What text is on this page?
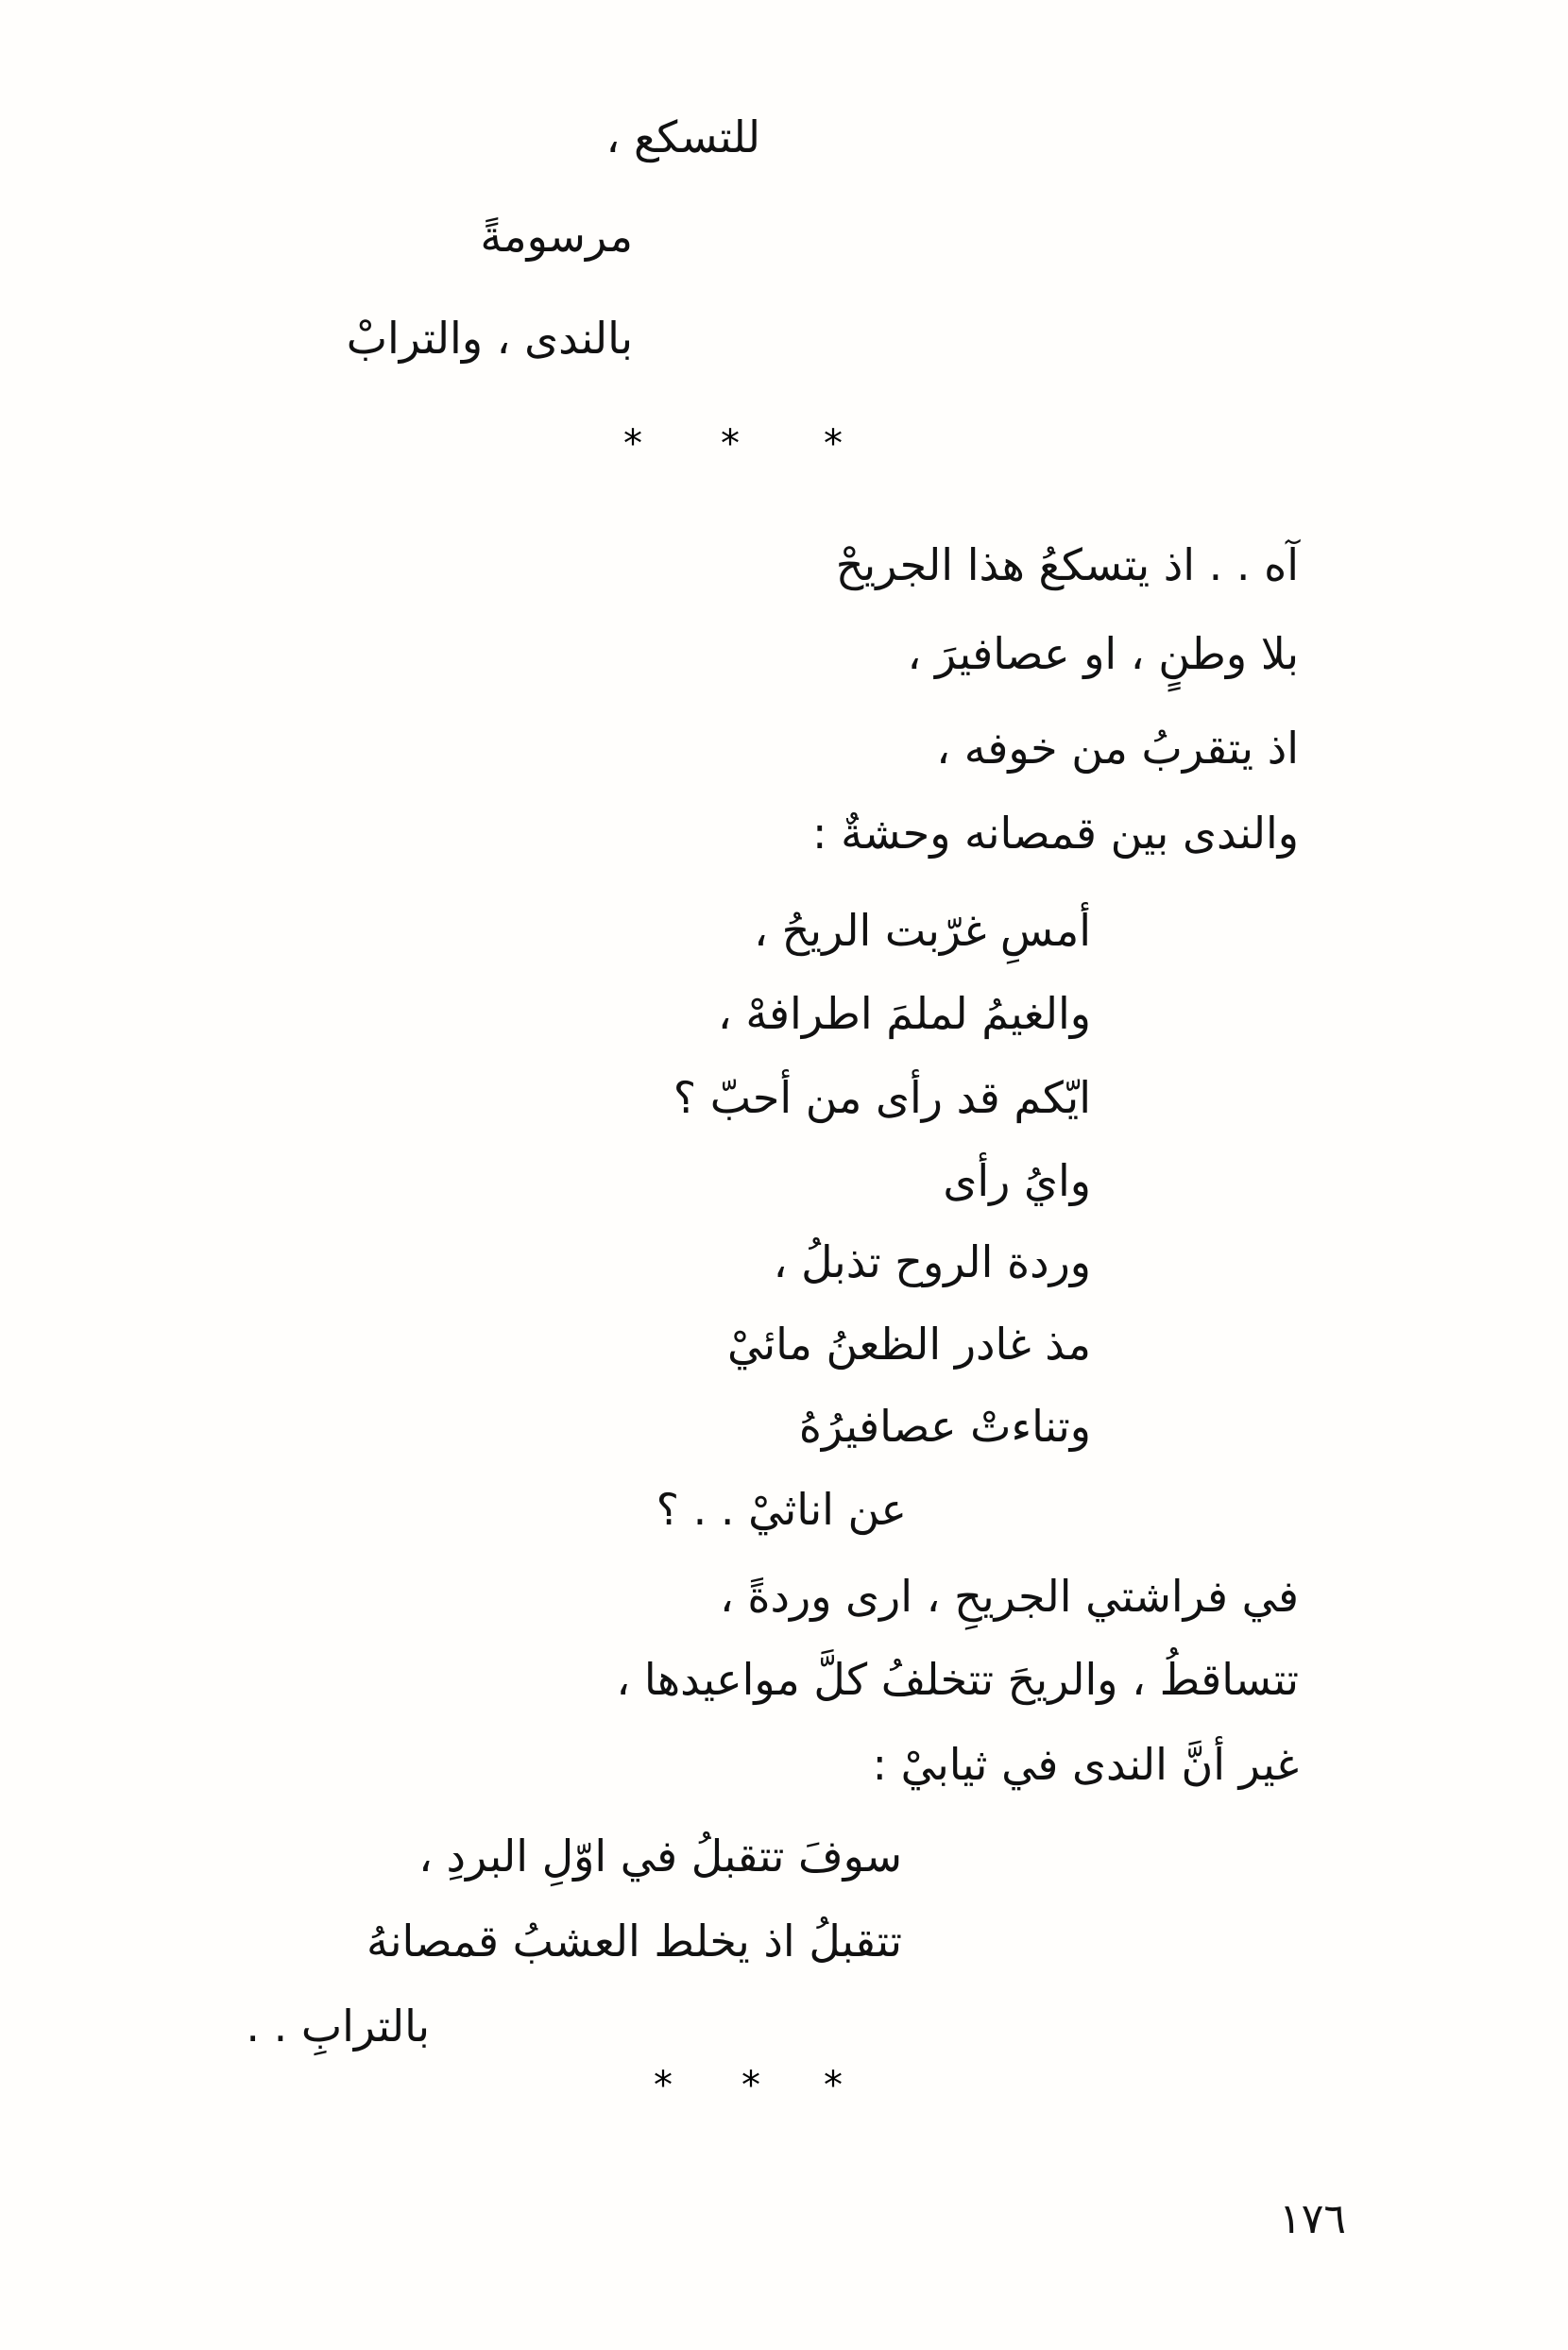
للتسكع ،
مرسومةً
بالندى ، والترابْ
* * *
آه . . اذ يتسكعُ هذا الجريحْ
بلا وطنٍ ، او عصافيرَ ،
اذ يتقربُ من خوفه ،
والندى بين قمصانه وحشةٌ :
أمسِ غرّبت الريحُ ،
والغيمُ لملمَ اطرافهْ ،
ايّكم قد رأى من أحبّ ؟
وايُ رأى
وردة الروح تذبلُ ،
مذ غادر الظعنُ مائيْ
وتناءتْ عصافيرُهُ
عن اناثيْ . . ؟
في فراشتي الجريحِ ، ارى وردةً ،
تتساقطُ ، والريحَ تتخلفُ كلَّ مواعيدها ،
غير أنَّ الندى في ثيابيْ :
سوفَ تتقبلُ في اوّلِ البردِ ،
تتقبلُ اذ يخلط العشبُ قمصانهُ
بالترابِ . .
* * *
١٧٦
